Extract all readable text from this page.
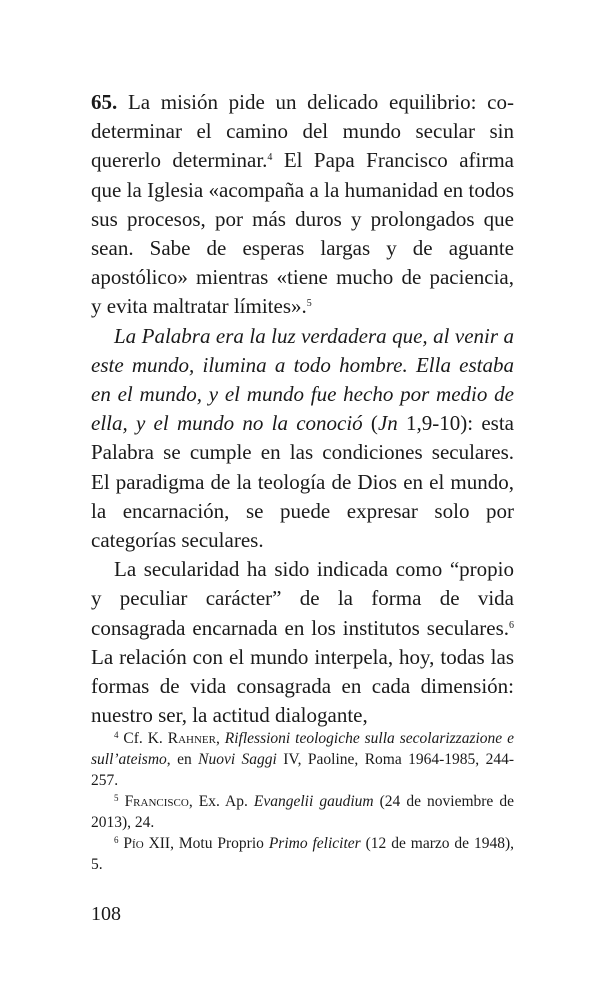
65. La misión pide un delicado equilibrio: co-determinar el camino del mundo secular sin quererlo determinar.$^4$ El Papa Francisco afirma que la Iglesia «acompaña a la humanidad en todos sus procesos, por más duros y prolongados que sean. Sabe de esperas largas y de aguante apostólico» mientras «tiene mucho de paciencia, y evita maltratar límites».$^5$

La Palabra era la luz verdadera que, al venir a este mundo, ilumina a todo hombre. Ella estaba en el mundo, y el mundo fue hecho por medio de ella, y el mundo no la conoció (Jn 1,9-10): esta Palabra se cumple en las condiciones seculares. El paradigma de la teología de Dios en el mundo, la encarnación, se puede expresar solo por categorías seculares.

La secularidad ha sido indicada como “propio y peculiar carácter” de la forma de vida consagrada encarnada en los institutos seculares.$^6$ La relación con el mundo interpela, hoy, todas las formas de vida consagrada en cada dimensión: nuestro ser, la actitud dialogante,

$^4$ Cf. K. Rahner, Riflessioni teologiche sulla secolarizzazione e sull’ateismo, en Nuovi Saggi IV, Paoline, Roma 1964-1985, 244-257.

$^5$ Francisco, Ex. Ap. Evangelii gaudium (24 de noviembre de 2013), 24.

$^6$ Pío XII, Motu Proprio Primo feliciter (12 de marzo de 1948), 5.

108
